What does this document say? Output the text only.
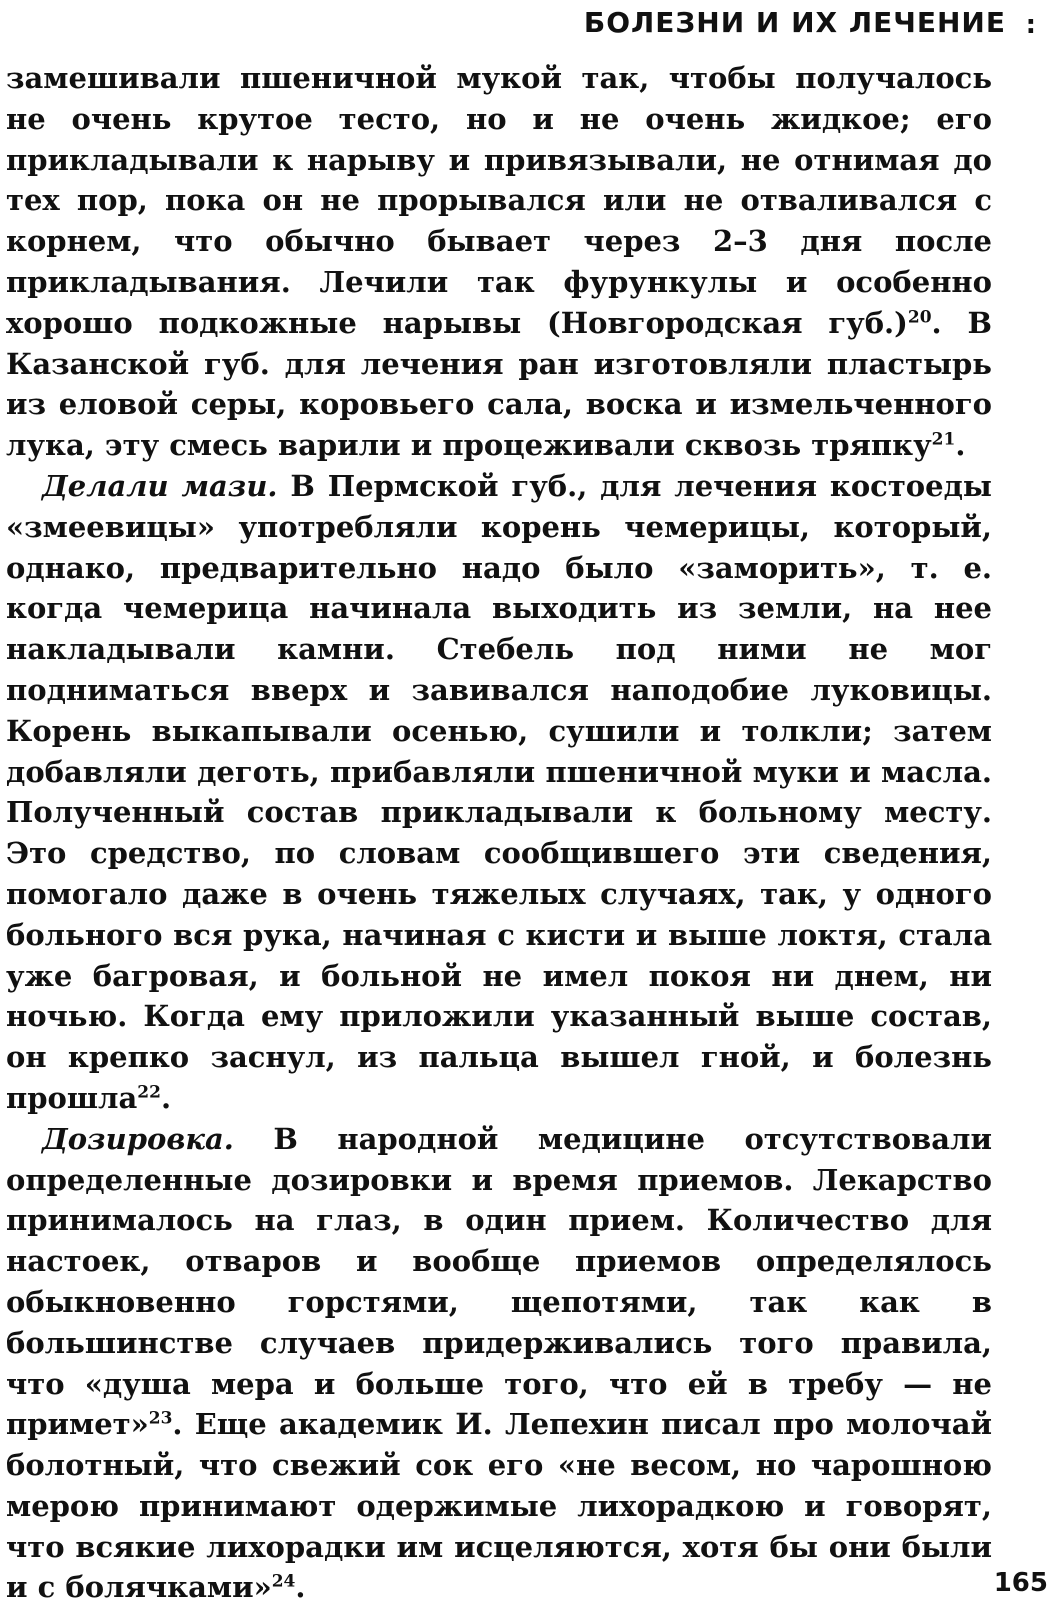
БОЛЕЗНИ И ИХ ЛЕЧЕНИЕ :

замешивали пшеничной мукой так, чтобы получалось не очень крутое тесто, но и не очень жидкое; его прикладывали к нарыву и привязывали, не отнимая до тех пор, пока он не прорывался или не отваливался с корнем, что обычно бывает через 2–3 дня после прикладывания. Лечили так фурункулы и особенно хорошо подкожные нарывы (Новгородская губ.)$^{20}$. В Казанской губ. для лечения ран изготовляли пластырь из еловой серы, коровьего сала, воска и измельченного лука, эту смесь варили и процеживали сквозь тряпку$^{21}$.

Делали мази. В Пермской губ., для лечения костоеды «змеевицы» употребляли корень чемерицы, который, однако, предварительно надо было «заморить», т. е. когда чемерица начинала выходить из земли, на нее накладывали камни. Стебель под ними не мог подниматься вверх и завивался наподобие луковицы. Корень выкапывали осенью, сушили и толкли; затем добавляли деготь, прибавляли пшеничной муки и масла. Полученный состав прикладывали к больному месту. Это средство, по словам сообщившего эти сведения, помогало даже в очень тяжелых случаях, так, у одного больного вся рука, начиная с кисти и выше локтя, стала уже багровая, и больной не имел покоя ни днем, ни ночью. Когда ему приложили указанный выше состав, он крепко заснул, из пальца вышел гной, и болезнь прошла$^{22}$.

Дозировка. В народной медицине отсутствовали определенные дозировки и время приемов. Лекарство принималось на глаз, в один прием. Количество для настоек, отваров и вообще приемов определялось обыкновенно горстями, щепотями, так как в большинстве случаев придерживались того правила, что «душа мера и больше того, что ей в требу — не примет»$^{23}$. Еще академик И. Лепехин писал про молочай болотный, что свежий сок его «не весом, но чарошною мерою принимают одержимые лихорадкою и говорят, что всякие лихорадки им исцеляются, хотя бы они были и с болячками»$^{24}$.	165
